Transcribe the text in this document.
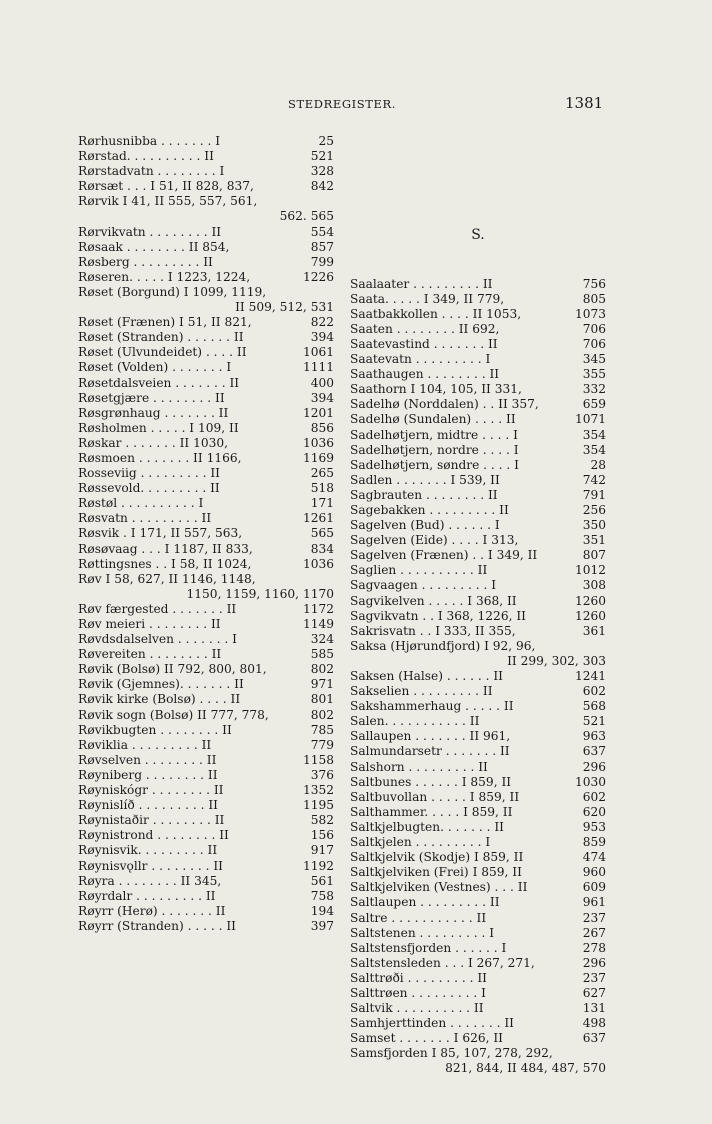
STEDREGISTER.	1381
Rørhusnibba . . . . . . . I	25
Rørstad. . . . . . . . . . II	521
Rørstadvatn . . . . . . . . I	328
Rørsæt . . . I 51, II 828, 837,	842
Rørvik I 41, II 555, 557, 561,
562. 565
Rørvikvatn . . . . . . . . II	554
Røsaak . . . . . . . . II 854,	857
Røsberg . . . . . . . . . II	799
Røseren. . . . . I 1223, 1224,	1226
Røset (Borgund) I 1099, 1119,
II 509, 512, 531
Røset (Frænen) I 51, II 821,	822
Røset (Stranden) . . . . . . II	394
Røset (Ulvundeidet) . . . . II	1061
Røset (Volden) . . . . . . . I	1111
Røsetdalsveien . . . . . . . II	400
Røsetgjære . . . . . . . . II	394
Røsgrønhaug . . . . . . . II	1201
Røsholmen . . . . . I 109, II	856
Røskar . . . . . . . II 1030,	1036
Røsmoen . . . . . . . II 1166,	1169
Rosseviig . . . . . . . . . II	265
Røssevold. . . . . . . . . II	518
Røstøl . . . . . . . . . . I	171
Røsvatn . . . . . . . . . II	1261
Røsvik . I 171, II 557, 563,	565
Røsøvaag . . . I 1187, II 833,	834
Røttingsnes . . I 58, II 1024,	1036
Røv I 58, 627, II 1146, 1148,
1150, 1159, 1160, 1170
Røv færgested . . . . . . . II	1172
Røv meieri . . . . . . . . II	1149
Røvdsdalselven . . . . . . . I	324
Røvereiten . . . . . . . . II	585
Røvik (Bolsø) II 792, 800, 801,	802
Røvik (Gjemnes). . . . . . . II	971
Røvik kirke (Bolsø) . . . . II	801
Røvik sogn (Bolsø) II 777, 778,	802
Røvikbugten . . . . . . . . II	785
Røviklia . . . . . . . . . II	779
Røvselven . . . . . . . . II	1158
Røyniberg . . . . . . . . II	376
Røyniskógr . . . . . . . . II	1352
Røynislíð . . . . . . . . . II	1195
Røynistaðir . . . . . . . . II	582
Røynistrond . . . . . . . . II	156
Røynisvik. . . . . . . . . II	917
Røynisvǫllr . . . . . . . . II	1192
Røyra . . . . . . . . II 345,	561
Røyrdalr . . . . . . . . . II	758
Røyrr (Herø) . . . . . . . II	194
Røyrr (Stranden) . . . . . II	397

S.

Saalaater . . . . . . . . . II	756
Saata. . . . . I 349, II 779,	805
Saatbakkollen . . . . II 1053,	1073
Saaten . . . . . . . . II 692,	706
Saatevastind . . . . . . . II	706
Saatevatn . . . . . . . . . I	345
Saathaugen . . . . . . . . II	355
Saathorn I 104, 105, II 331,	332
Sadelhø (Norddalen) . . II 357,	659
Sadelhø (Sundalen) . . . . II	1071
Sadelhøtjern, midtre . . . . I	354
Sadelhøtjern, nordre . . . . I	354
Sadelhøtjern, søndre . . . . I	28
Sadlen . . . . . . . I 539, II	742
Sagbrauten . . . . . . . . II	791
Sagebakken . . . . . . . . . II	256
Sagelven (Bud) . . . . . . I	350
Sagelven (Eide) . . . . I 313,	351
Sagelven (Frænen) . . I 349, II	807
Saglien . . . . . . . . . . II	1012
Sagvaagen . . . . . . . . . I	308
Sagvikelven . . . . . I 368, II	1260
Sagvikvatn . . I 368, 1226, II	1260
Sakrisvatn . . I 333, II 355,	361
Saksa (Hjørundfjord) I 92, 96,
II 299, 302, 303
Saksen (Halse) . . . . . . II	1241
Sakselien . . . . . . . . . II	602
Sakshammerhaug . . . . . II	568
Salen. . . . . . . . . . . II	521
Sallaupen . . . . . . . II 961,	963
Salmundarsetr . . . . . . . II	637
Salshorn . . . . . . . . . II	296
Saltbunes . . . . . . I 859, II	1030
Saltbuvollan . . . . . I 859, II	602
Salthammer. . . . . I 859, II	620
Saltkjelbugten. . . . . . . II	953
Saltkjelen . . . . . . . . . I	859
Saltkjelvik (Skodje) I 859, II	474
Saltkjelviken (Frei) I 859, II	960
Saltkjelviken (Vestnes) . . . II	609
Saltlaupen . . . . . . . . . II	961
Saltre . . . . . . . . . . . II	237
Saltstenen . . . . . . . . . I	267
Saltstensfjorden . . . . . . I	278
Saltstensleden . . . I 267, 271,	296
Salttrøði . . . . . . . . . II	237
Salttrøen . . . . . . . . . I	627
Saltvik . . . . . . . . . . II	131
Samhjerttinden . . . . . . . II	498
Samset . . . . . . . I 626, II	637
Samsfjorden I 85, 107, 278, 292,
821, 844, II 484, 487, 570
